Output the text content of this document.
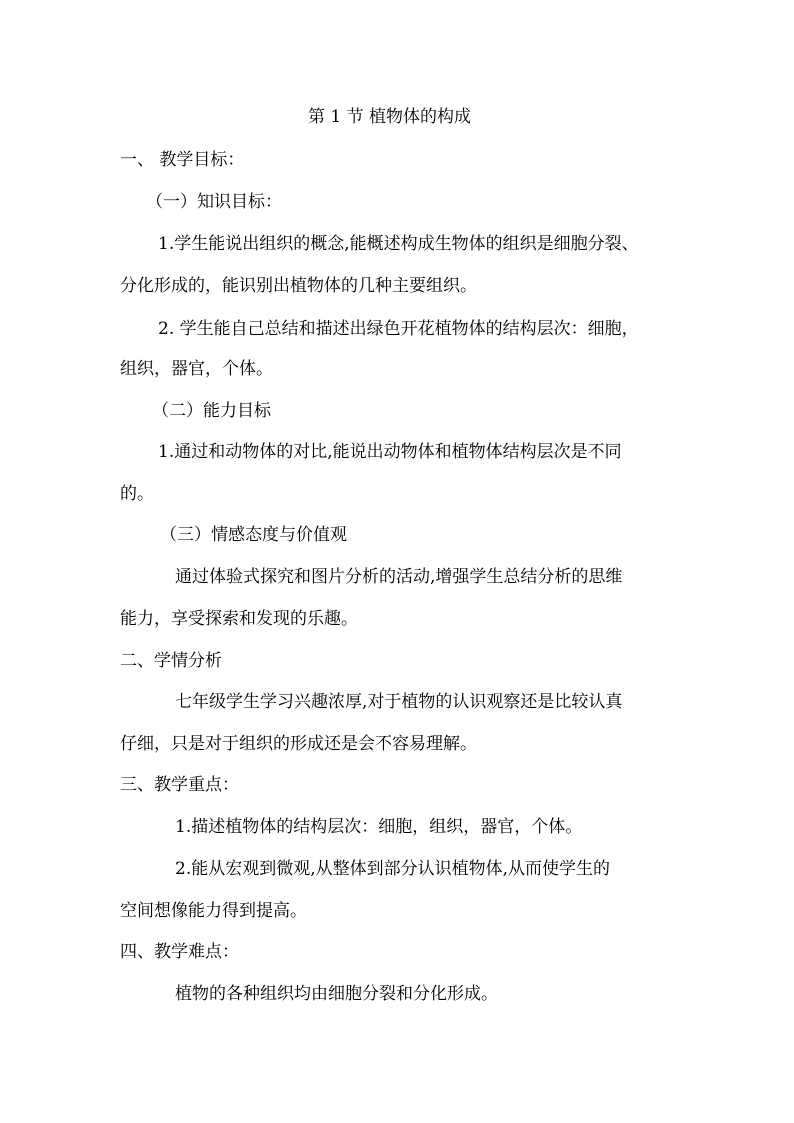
第 1 节 植物体的构成

一、 教学目标：

（一）知识目标：

1.学生能说出组织的概念,能概述构成生物体的组织是细胞分裂、

分化形成的，能识别出植物体的几种主要组织。

2. 学生能自己总结和描述出绿色开花植物体的结构层次：细胞，

组织，器官，个体。

（二）能力目标

1.通过和动物体的对比,能说出动物体和植物体结构层次是不同

的。

（三）情感态度与价值观

通过体验式探究和图片分析的活动,增强学生总结分析的思维

能力，享受探索和发现的乐趣。

二、学情分析

七年级学生学习兴趣浓厚,对于植物的认识观察还是比较认真

仔细，只是对于组织的形成还是会不容易理解。

三、教学重点：

1.描述植物体的结构层次：细胞，组织，器官，个体。

2.能从宏观到微观,从整体到部分认识植物体,从而使学生的

空间想像能力得到提高。

四、教学难点：

植物的各种组织均由细胞分裂和分化形成。
